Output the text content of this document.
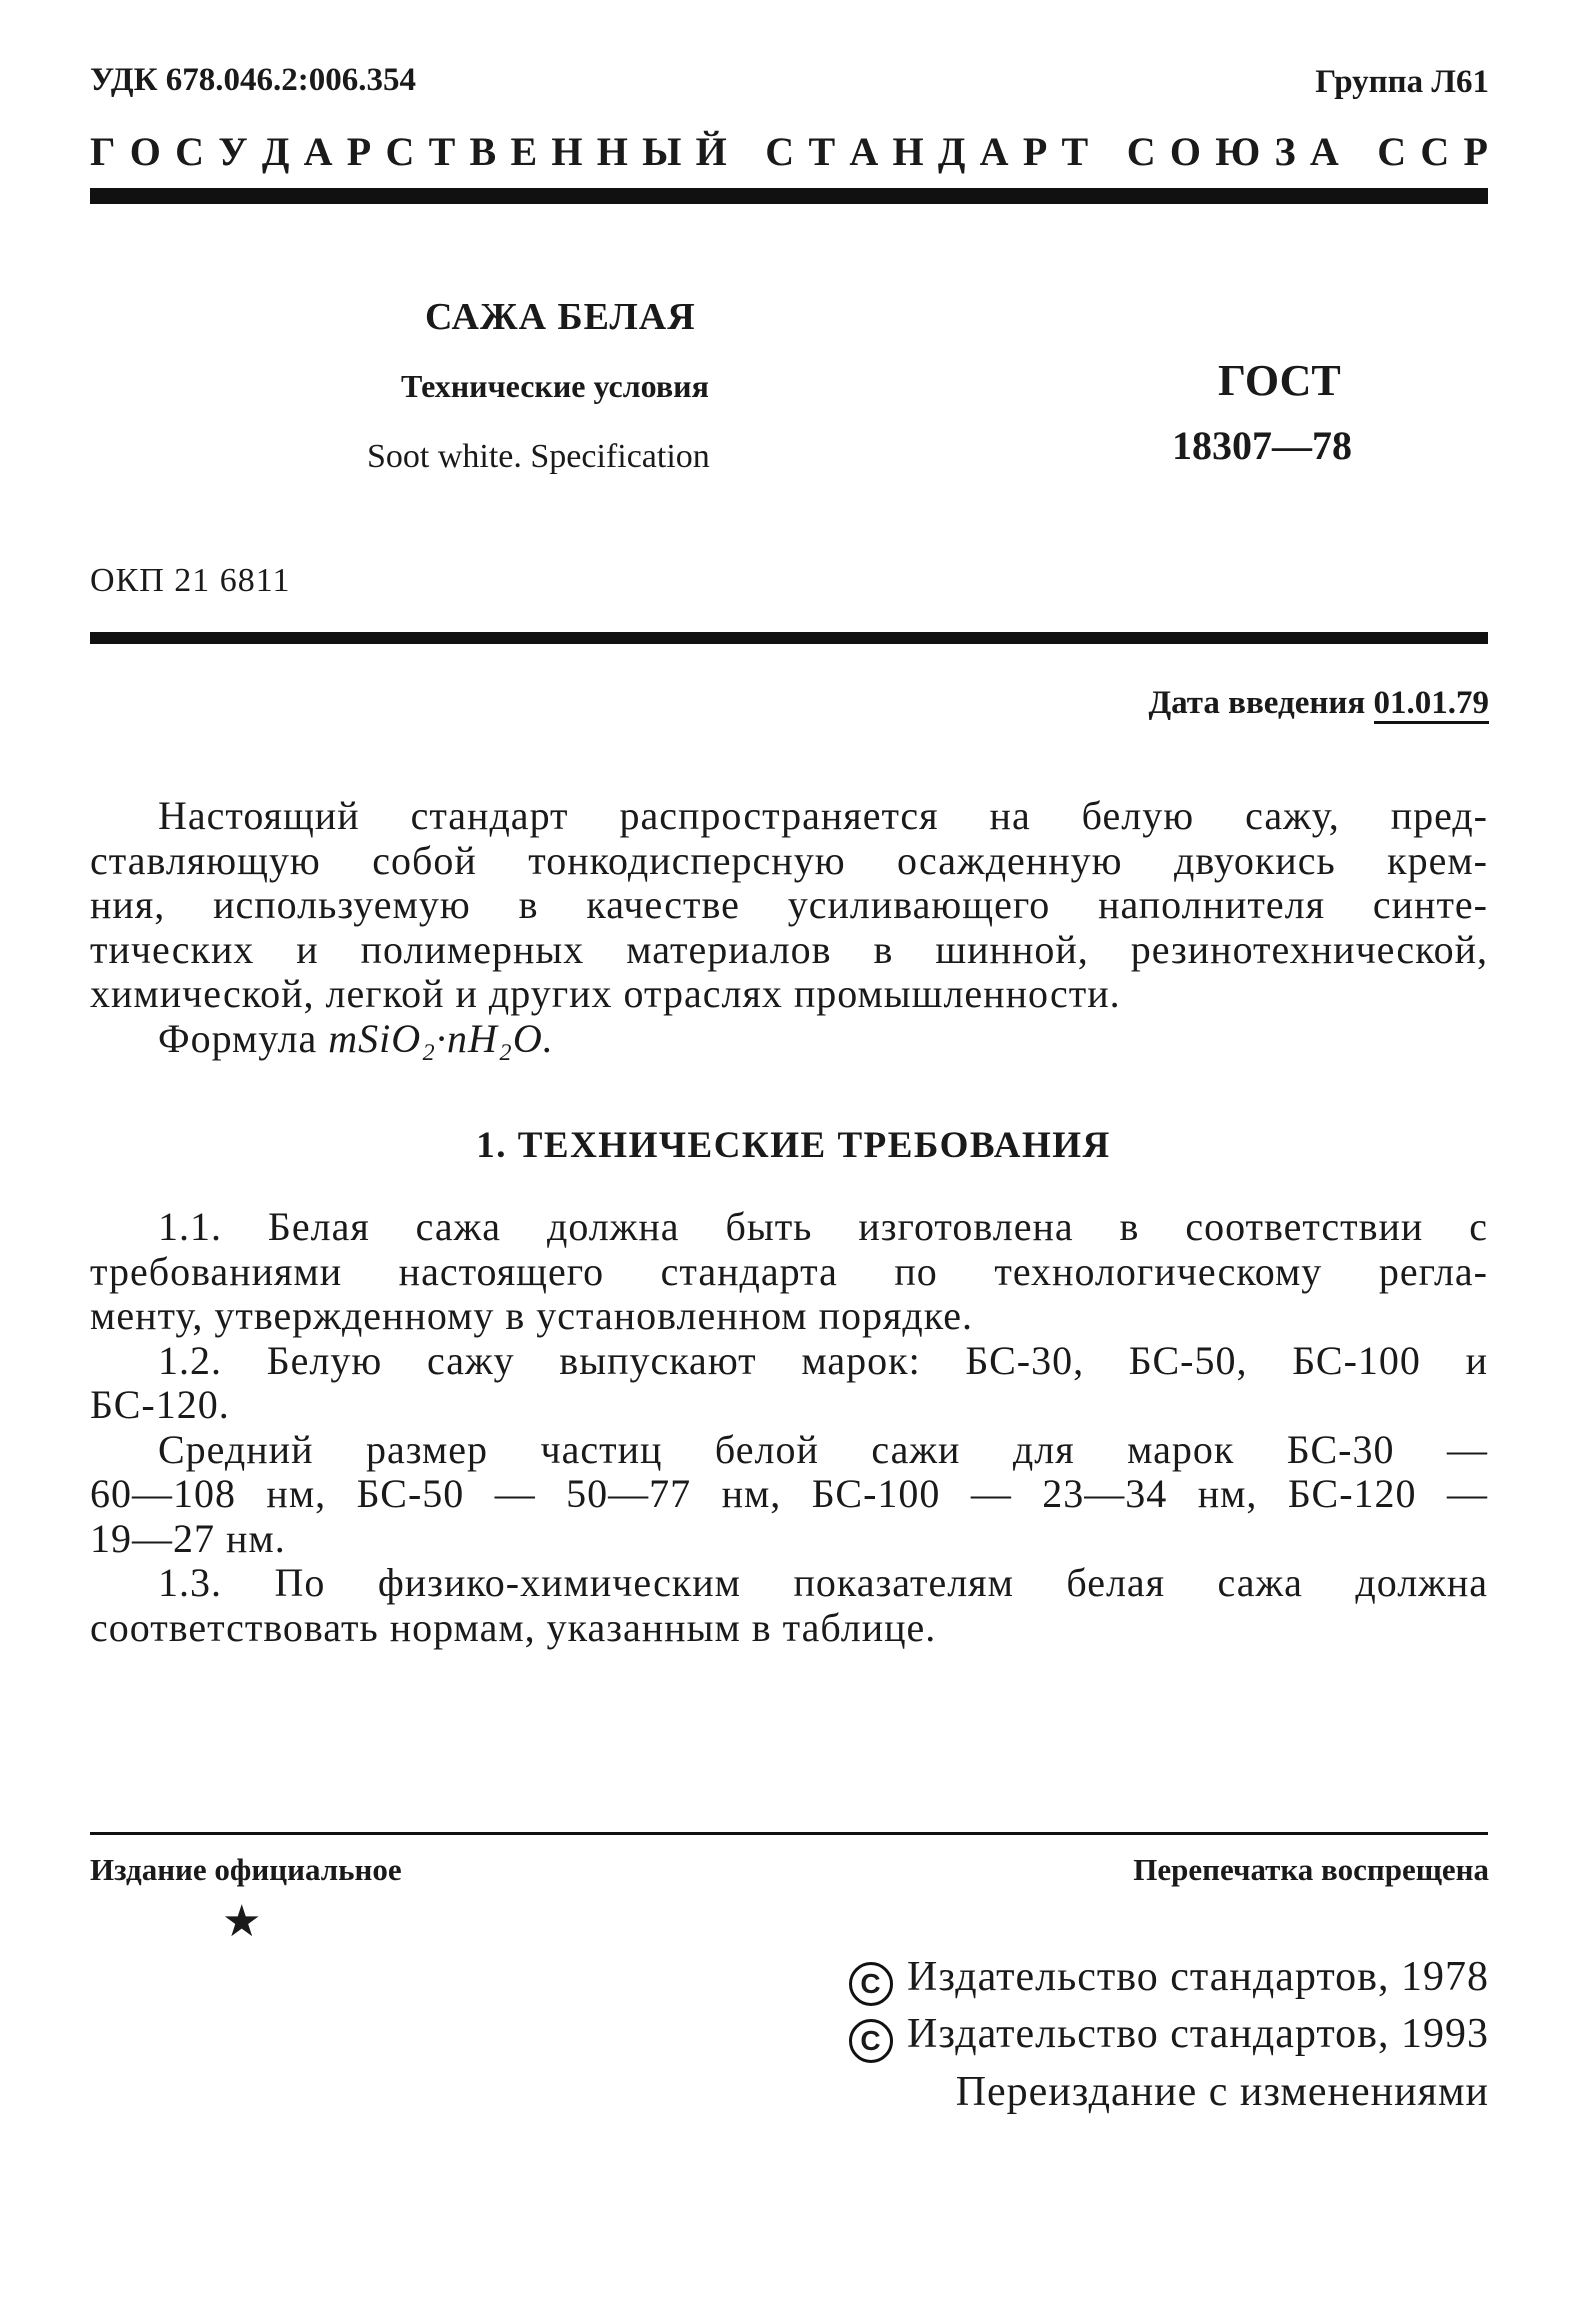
УДК 678.046.2:006.354	Группа Л61
Г О С У Д А Р С Т В Е Н Н Ы Й
С Т А Н Д А Р Т
С О Ю З А
С С Р
САЖА БЕЛАЯ
Технические условия
Soot white. Specification
ГОСТ
18307—78
ОКП 21 6811
Дата введения 01.01.79

Настоящий стандарт распространяется на белую сажу, пред-

ставляющую собой тонкодисперсную осажденную двуокись крем-

ния, используемую в качестве усиливающего наполнителя синте-

тических и полимерных материалов в шинной, резинотехнической,

химической, легкой и других отраслях промышленности.

Формула mSiO₂·nH₂O.

1. ТЕХНИЧЕСКИЕ ТРЕБОВАНИЯ

1.1. Белая сажа должна быть изготовлена в соответствии с

требованиями настоящего стандарта по технологическому регла-

менту, утвержденному в установленном порядке.

1.2. Белую сажу выпускают марок: БС-30, БС-50, БС-100 и

БС-120.

Средний размер частиц белой сажи для марок БС-30 —

60—108 нм, БС-50 — 50—77 нм, БС-100 — 23—34 нм, БС-120 —

19—27 нм.

1.3. По физико-химическим показателям белая сажа должна

соответствовать нормам, указанным в таблице.

Издание официальное	Перепечатка воспрещена
★
C Издательство стандартов, 1978
C Издательство стандартов, 1993
Переиздание с изменениями
